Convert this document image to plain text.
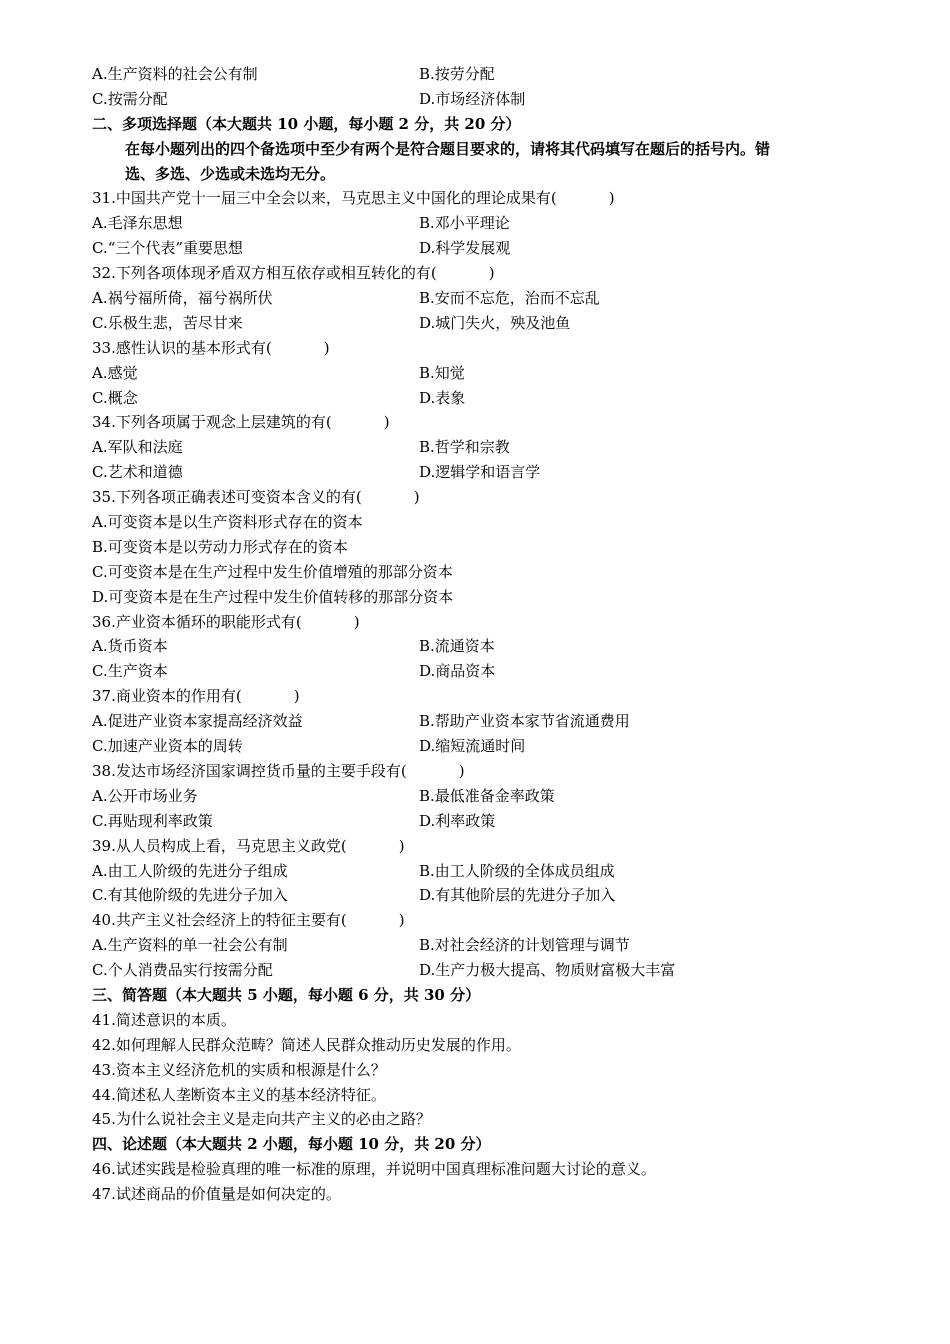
A.生产资料的社会公有制	B.按劳分配
C.按需分配	D.市场经济体制
二、多项选择题（本大题共 10 小题，每小题 2 分，共 20 分）
在每小题列出的四个备选项中至少有两个是符合题目要求的，请将其代码填写在题后的括号内。错
选、多选、少选或未选均无分。
31.中国共产党十一届三中全会以来，马克思主义中国化的理论成果有(	)
A.毛泽东思想	B.邓小平理论
C.“三个代表”重要思想	D.科学发展观
32.下列各项体现矛盾双方相互依存或相互转化的有(	)
A.祸兮福所倚，福兮祸所伏	B.安而不忘危，治而不忘乱
C.乐极生悲，苦尽甘来	D.城门失火，殃及池鱼
33.感性认识的基本形式有(	)
A.感觉	B.知觉
C.概念	D.表象
34.下列各项属于观念上层建筑的有(	)
A.军队和法庭	B.哲学和宗教
C.艺术和道德	D.逻辑学和语言学
35.下列各项正确表述可变资本含义的有(	)
A.可变资本是以生产资料形式存在的资本
B.可变资本是以劳动力形式存在的资本
C.可变资本是在生产过程中发生价值增殖的那部分资本
D.可变资本是在生产过程中发生价值转移的那部分资本
36.产业资本循环的职能形式有(	)
A.货币资本	B.流通资本
C.生产资本	D.商品资本
37.商业资本的作用有(	)
A.促进产业资本家提高经济效益	B.帮助产业资本家节省流通费用
C.加速产业资本的周转	D.缩短流通时间
38.发达市场经济国家调控货币量的主要手段有(	)
A.公开市场业务	B.最低准备金率政策
C.再贴现利率政策	D.利率政策
39.从人员构成上看，马克思主义政党(	)
A.由工人阶级的先进分子组成	B.由工人阶级的全体成员组成
C.有其他阶级的先进分子加入	D.有其他阶层的先进分子加入
40.共产主义社会经济上的特征主要有(	)
A.生产资料的单一社会公有制	B.对社会经济的计划管理与调节
C.个人消费品实行按需分配	D.生产力极大提高、物质财富极大丰富
三、简答题（本大题共 5 小题，每小题 6 分，共 30 分）
41.简述意识的本质。
42.如何理解人民群众范畴？简述人民群众推动历史发展的作用。
43.资本主义经济危机的实质和根源是什么？
44.简述私人垄断资本主义的基本经济特征。
45.为什么说社会主义是走向共产主义的必由之路？
四、论述题（本大题共 2 小题，每小题 10 分，共 20 分）
46.试述实践是检验真理的唯一标准的原理，并说明中国真理标准问题大讨论的意义。
47.试述商品的价值量是如何决定的。
